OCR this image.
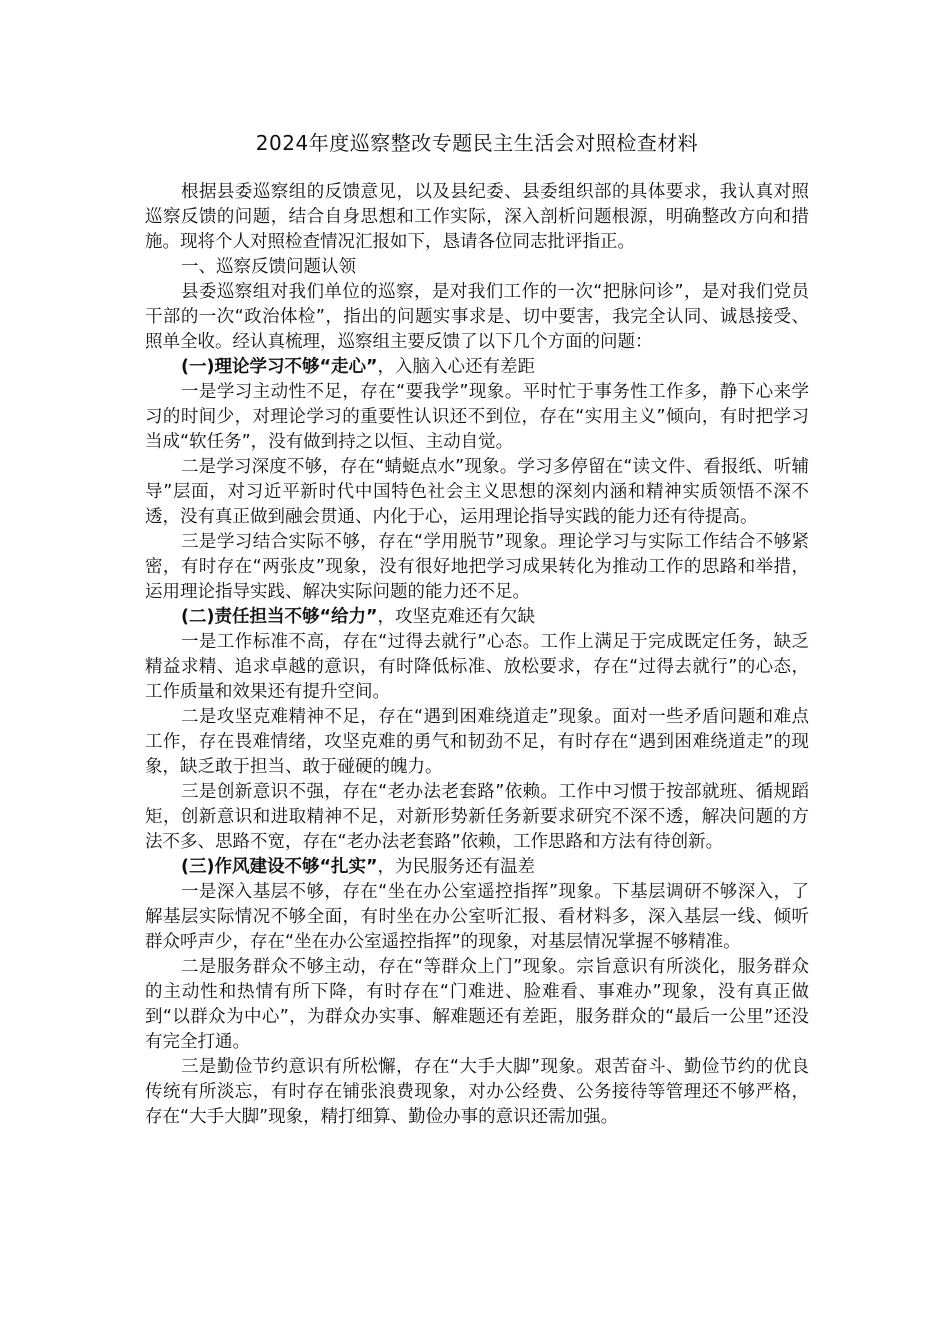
2024年度巡察整改专题民主生活会对照检查材料

根据县委巡察组的反馈意见，以及县纪委、县委组织部的具体要求，我认真对照巡察反馈的问题，结合自身思想和工作实际，深入剖析问题根源，明确整改方向和措施。现将个人对照检查情况汇报如下，恳请各位同志批评指正。

一、巡察反馈问题认领

县委巡察组对我们单位的巡察，是对我们工作的一次“把脉问诊”，是对我们党员干部的一次“政治体检”，指出的问题实事求是、切中要害，我完全认同、诚恳接受、照单全收。经认真梳理，巡察组主要反馈了以下几个方面的问题：

(一)理论学习不够“走心”，入脑入心还有差距

一是学习主动性不足，存在“要我学”现象。平时忙于事务性工作多，静下心来学习的时间少，对理论学习的重要性认识还不到位，存在“实用主义”倾向，有时把学习当成“软任务”，没有做到持之以恒、主动自觉。

二是学习深度不够，存在“蜻蜓点水”现象。学习多停留在“读文件、看报纸、听辅导”层面，对习近平新时代中国特色社会主义思想的深刻内涵和精神实质领悟不深不透，没有真正做到融会贯通、内化于心，运用理论指导实践的能力还有待提高。

三是学习结合实际不够，存在“学用脱节”现象。理论学习与实际工作结合不够紧密，有时存在“两张皮”现象，没有很好地把学习成果转化为推动工作的思路和举措，运用理论指导实践、解决实际问题的能力还不足。

(二)责任担当不够“给力”，攻坚克难还有欠缺

一是工作标准不高，存在“过得去就行”心态。工作上满足于完成既定任务，缺乏精益求精、追求卓越的意识，有时降低标准、放松要求，存在“过得去就行”的心态，工作质量和效果还有提升空间。

二是攻坚克难精神不足，存在“遇到困难绕道走”现象。面对一些矛盾问题和难点工作，存在畏难情绪，攻坚克难的勇气和韧劲不足，有时存在“遇到困难绕道走”的现象，缺乏敢于担当、敢于碰硬的魄力。

三是创新意识不强，存在“老办法老套路”依赖。工作中习惯于按部就班、循规蹈矩，创新意识和进取精神不足，对新形势新任务新要求研究不深不透，解决问题的方法不多、思路不宽，存在“老办法老套路”依赖，工作思路和方法有待创新。

(三)作风建设不够“扎实”，为民服务还有温差

一是深入基层不够，存在“坐在办公室遥控指挥”现象。下基层调研不够深入，了解基层实际情况不够全面，有时坐在办公室听汇报、看材料多，深入基层一线、倾听群众呼声少，存在“坐在办公室遥控指挥”的现象，对基层情况掌握不够精准。

二是服务群众不够主动，存在“等群众上门”现象。宗旨意识有所淡化，服务群众的主动性和热情有所下降，有时存在“门难进、脸难看、事难办”现象，没有真正做到“以群众为中心”，为群众办实事、解难题还有差距，服务群众的“最后一公里”还没有完全打通。

三是勤俭节约意识有所松懈，存在“大手大脚”现象。艰苦奋斗、勤俭节约的优良传统有所淡忘，有时存在铺张浪费现象，对办公经费、公务接待等管理还不够严格，存在“大手大脚”现象，精打细算、勤俭办事的意识还需加强。
